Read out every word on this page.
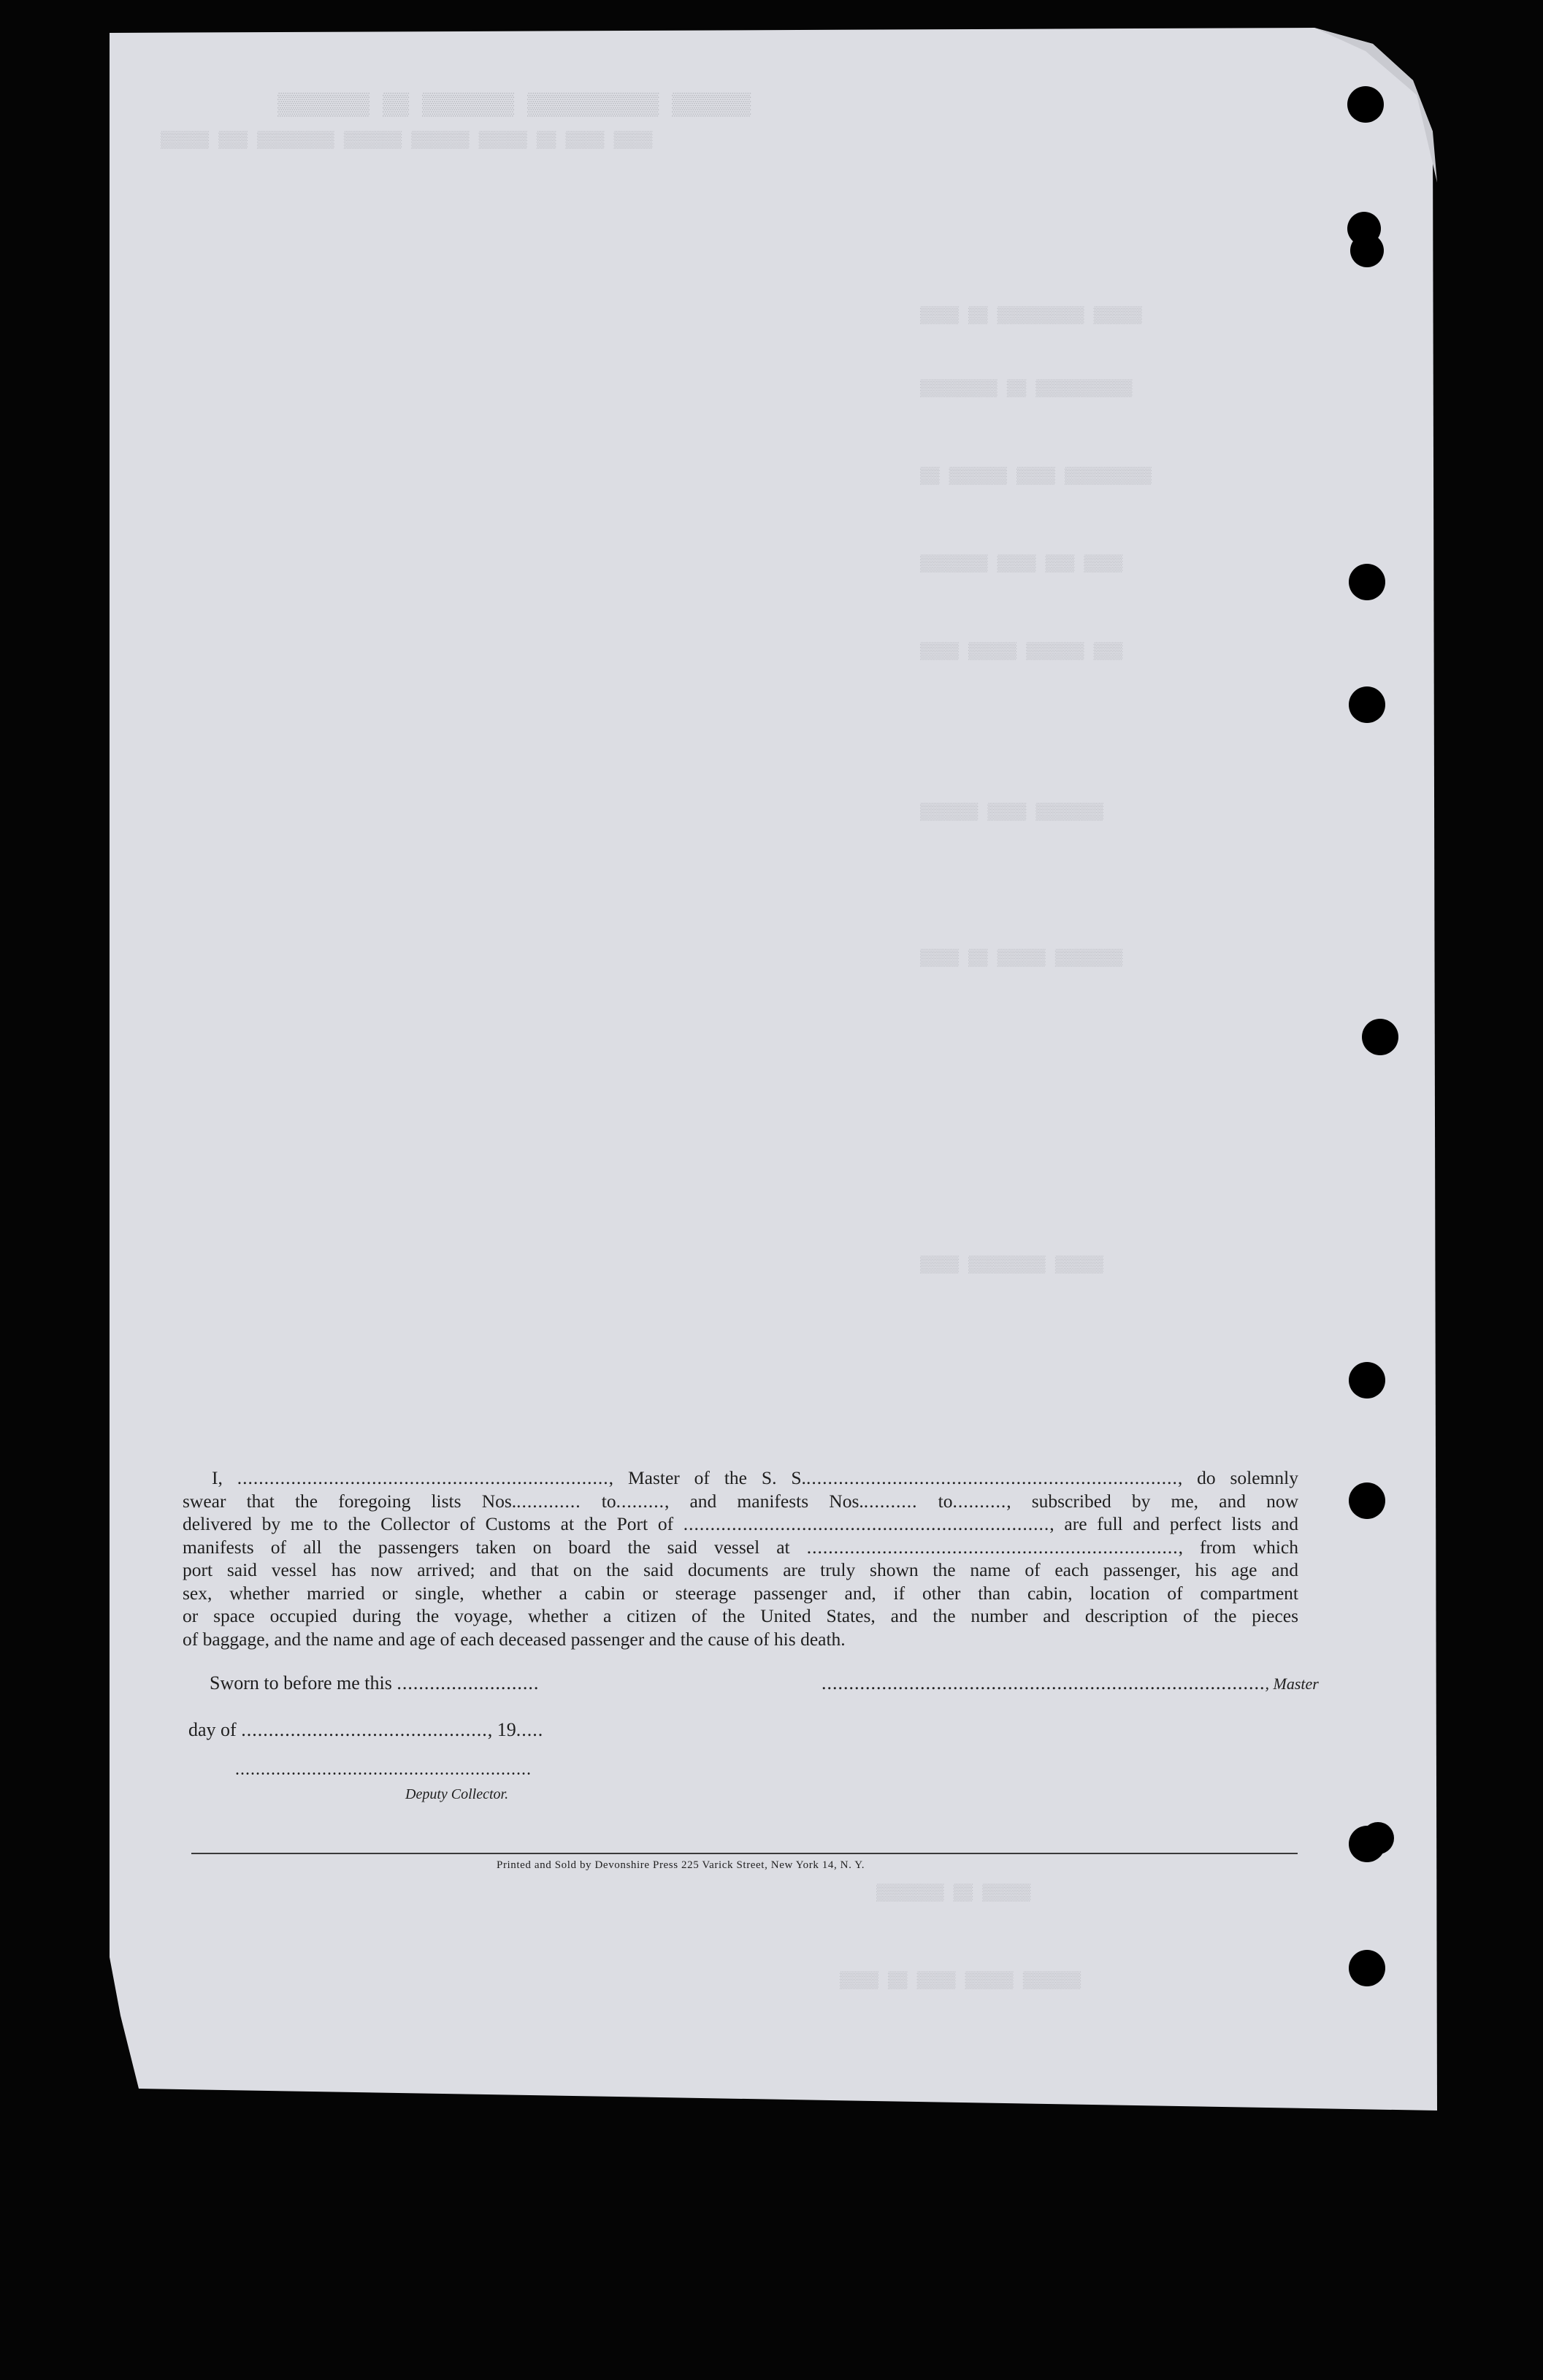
▒▒▒▒▒▒▒ ▒▒ ▒▒▒▒▒▒▒ ▒▒▒▒▒▒▒▒▒▒ ▒▒▒▒▒▒
▒▒▒▒▒ ▒▒▒ ▒▒▒▒▒▒▒▒ ▒▒▒▒▒▒ ▒▒▒▒▒▒ ▒▒▒▒▒ ▒▒ ▒▒▒▒ ▒▒▒▒
▒▒▒▒ ▒▒ ▒▒▒▒▒▒▒▒▒ ▒▒▒▒▒
▒▒▒▒▒▒▒▒ ▒▒ ▒▒▒▒▒▒▒▒▒▒
▒▒ ▒▒▒▒▒▒ ▒▒▒▒ ▒▒▒▒▒▒▒▒▒
▒▒▒▒▒▒▒ ▒▒▒▒ ▒▒▒ ▒▒▒▒
▒▒▒▒ ▒▒▒▒▒ ▒▒▒▒▒▒ ▒▒▒
▒▒▒▒▒▒ ▒▒▒▒ ▒▒▒▒▒▒▒
▒▒▒▒ ▒▒ ▒▒▒▒▒ ▒▒▒▒▒▒▒
▒▒▒▒ ▒▒▒▒▒▒▒▒ ▒▒▒▒▒
▒▒▒▒▒▒▒ ▒▒ ▒▒▒▒▒
▒▒▒▒ ▒▒ ▒▒▒▒ ▒▒▒▒▒ ▒▒▒▒▒▒
I, ....................................................................., Master of the S. S......................................................................, do solemnly
swear that the foregoing lists Nos............. to........., and manifests Nos........... to.........., subscribed by me, and now
delivered by me to the Collector of Customs at the Port of ...................................................................., are full and perfect lists and
manifests of all the passengers taken on board the said vessel at ....................................................................., from which
port said vessel has now arrived; and that on the said documents are truly shown the name of each passenger, his age and
sex, whether married or single, whether a cabin or steerage passenger and, if other than cabin, location of compartment
or space occupied during the voyage, whether a citizen of the United States, and the number and description of the pieces
of baggage, and the name and age of each deceased passenger and the cause of his death.
Sworn to before me this ..........................	................................................................................., Master
day of ............................................., 19.....
..........................................................
Deputy Collector.
Printed and Sold by Devonshire Press 225 Varick Street, New York 14, N. Y.
